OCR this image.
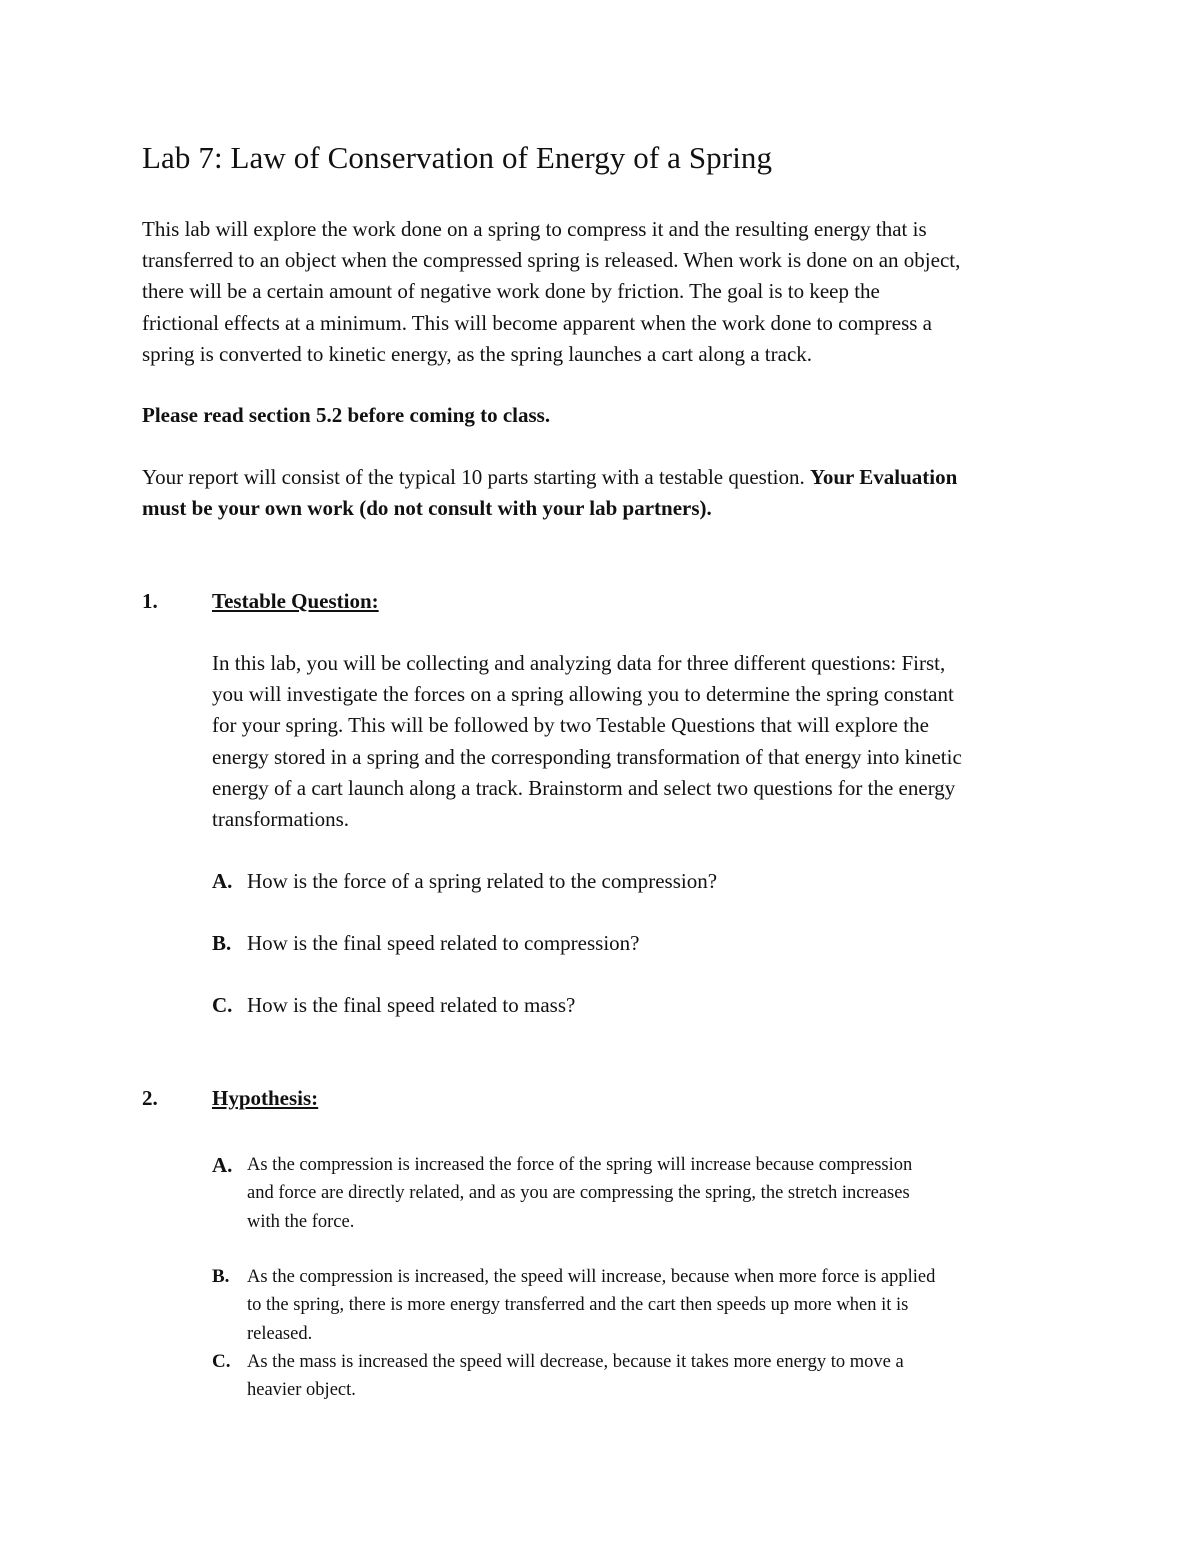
Lab 7: Law of Conservation of Energy of a Spring

This lab will explore the work done on a spring to compress it and the resulting energy that is
transferred to an object when the compressed spring is released. When work is done on an object,
there will be a certain amount of negative work done by friction. The goal is to keep the
frictional effects at a minimum. This will become apparent when the work done to compress a
spring is converted to kinetic energy, as the spring launches a cart along a track.

Please read section 5.2 before coming to class.

Your report will consist of the typical 10 parts starting with a testable question. Your Evaluation
must be your own work (do not consult with your lab partners).

1.	Testable Question:

In this lab, you will be collecting and analyzing data for three different questions: First,
you will investigate the forces on a spring allowing you to determine the spring constant
for your spring. This will be followed by two Testable Questions that will explore the
energy stored in a spring and the corresponding transformation of that energy into kinetic
energy of a cart launch along a track. Brainstorm and select two questions for the energy
transformations.

A. How is the force of a spring related to the compression?
B. How is the final speed related to compression?
C. How is the final speed related to mass?
2.	Hypothesis:
A. As the compression is increased the force of the spring will increase because compression
and force are directly related, and as you are compressing the spring, the stretch increases
with the force.

B. As the compression is increased, the speed will increase, because when more force is applied
to the spring, there is more energy transferred and the cart then speeds up more when it is
released.

C. As the mass is increased the speed will decrease, because it takes more energy to move a
heavier object.
